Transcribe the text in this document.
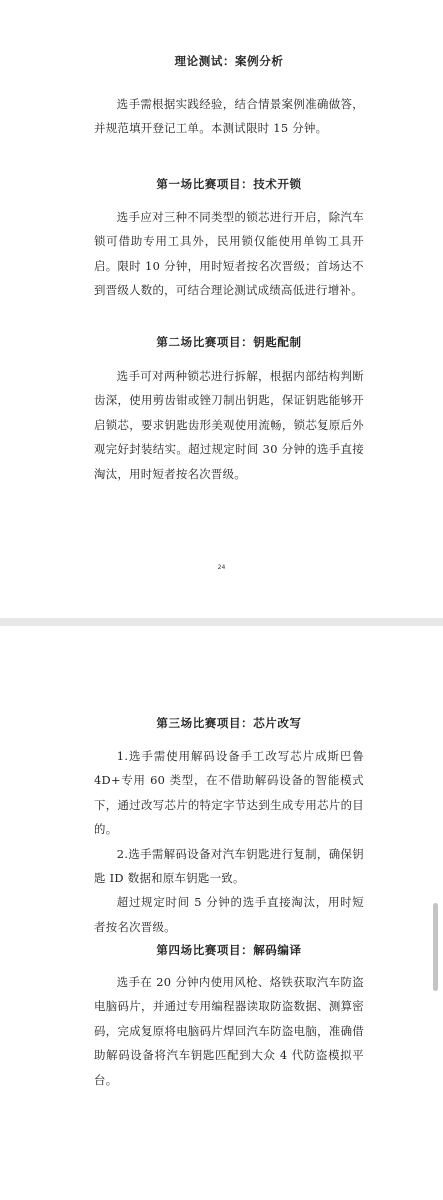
理论测试：案例分析

选手需根据实践经验，结合情景案例准确做答，并规范填开登记工单。本测试限时 15 分钟。

第一场比赛项目：技术开锁

选手应对三种不同类型的锁芯进行开启，除汽车锁可借助专用工具外，民用锁仅能使用单钩工具开启。限时 10 分钟，用时短者按名次晋级；首场达不到晋级人数的，可结合理论测试成绩高低进行增补。

第二场比赛项目：钥匙配制

选手可对两种锁芯进行拆解，根据内部结构判断齿深，使用剪齿钳或锉刀制出钥匙，保证钥匙能够开启锁芯，要求钥匙齿形美观使用流畅，锁芯复原后外观完好封装结实。超过规定时间 30 分钟的选手直接淘汰，用时短者按名次晋级。

24
第三场比赛项目：芯片改写

1.选手需使用解码设备手工改写芯片成斯巴鲁 4D+专用 60 类型，在不借助解码设备的智能模式下，通过改写芯片的特定字节达到生成专用芯片的目的。

2.选手需解码设备对汽车钥匙进行复制，确保钥匙 ID 数据和原车钥匙一致。

超过规定时间 5 分钟的选手直接淘汰，用时短者按名次晋级。

第四场比赛项目：解码编译

选手在 20 分钟内使用风枪、烙铁获取汽车防盗电脑码片，并通过专用编程器读取防盗数据、测算密码，完成复原将电脑码片焊回汽车防盗电脑，准确借助解码设备将汽车钥匙匹配到大众 4 代防盗模拟平台。
